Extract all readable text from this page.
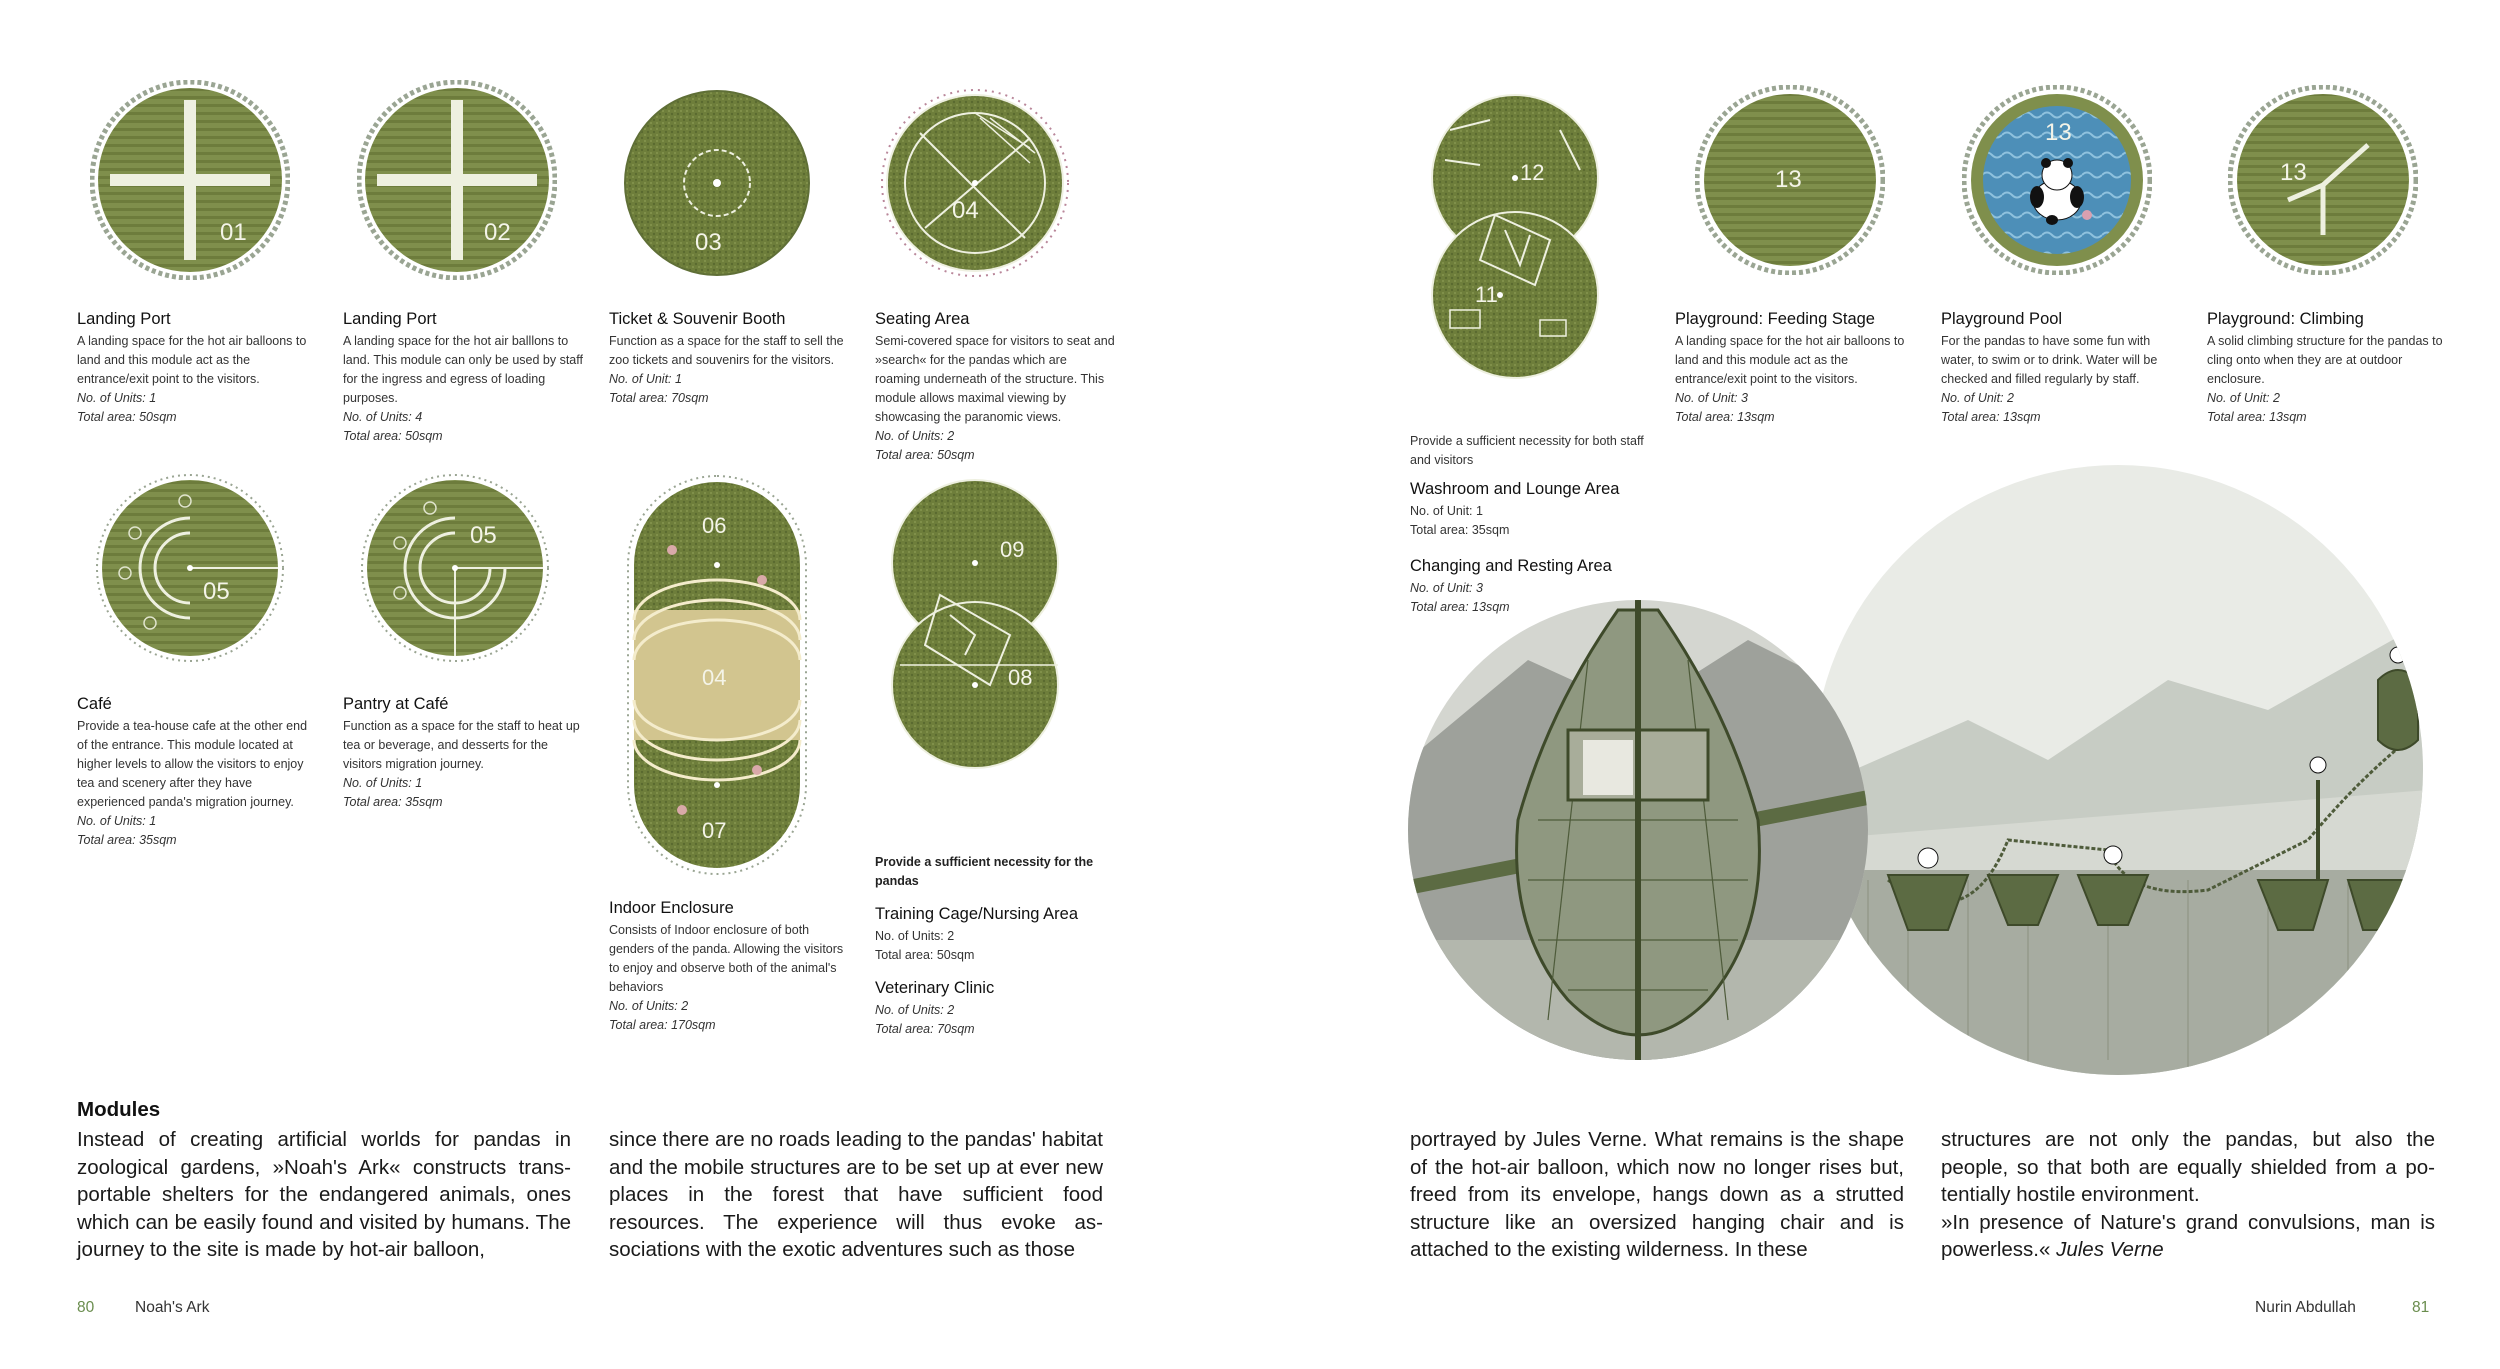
01	02	03
04

Landing Port

A landing space for the hot air balloons to land and this module act as the entrance/exit point to the visitors.

No. of Units: 1

Total area: 50sqm

Landing Port

A landing space for the hot air balllons to land. This module can only be used by staff for the ingress and egress of loading purposes.

No. of Units: 4

Total area: 50sqm

Ticket & Souvenir Booth

Function as a space for the staff to sell the zoo tickets and souvenirs for the visitors.

No. of Unit: 1

Total area: 70sqm

Seating Area

Semi-covered space for visitors to seat and »search« for the pandas which are roaming underneath of the structure. This module allows maximal viewing by showcasing the paranomic views.

No. of Units: 2

Total area: 50sqm

05
05	06
04
07
09
08

Café

Provide a tea-house cafe at the other end of the entrance. This module located at higher levels to allow the visitors to enjoy tea and scenery after they have experienced panda's migration journey.

No. of Units: 1

Total area: 35sqm

Pantry at Café

Function as a space for the staff to heat up tea or beverage, and desserts for the visitors migration journey.

No. of Units: 1

Total area: 35sqm

Indoor Enclosure

Consists of Indoor enclosure of both genders of the panda. Allowing the visitors to enjoy and observe both of the animal's behaviors

No. of Units: 2

Total area: 170sqm

Provide a sufficient necessity for the pandas

Training Cage/Nursing Area

No. of Units: 2

Total area: 50sqm

Veterinary Clinic

No. of Units: 2

Total area: 70sqm

12
11
13
13
13

Provide a sufficient necessity for both staff and visitors

Washroom and Lounge Area

No. of Unit: 1

Total area: 35sqm

Changing and Resting Area

No. of Unit: 3

Total area: 13sqm

Playground: Feeding Stage

A landing space for the hot air balloons to land and this module act as the entrance/exit point to the visitors.

No. of Unit: 3

Total area: 13sqm

Playground Pool

For the pandas to have some fun with water, to swim or to drink. Water will be checked and filled regularly by staff.

No. of Unit: 2

Total area: 13sqm

Playground: Climbing

A solid climbing structure for the pandas to cling onto when they are at outdoor enclosure.

No. of Unit: 2

Total area: 13sqm

Modules

Instead of creating artificial worlds for pandas in zoological gardens, »Noah's Ark« constructs transportable shelters for the endangered animals, ones which can be easily found and visited by humans. The journey to the site is made by hot-air balloon,

since there are no roads leading to the pandas' habitat and the mobile structures are to be set up at ever new places in the forest that have sufficient food resources. The experience will thus evoke associations with the exotic adventures such as those

portrayed by Jules Verne. What remains is the shape of the hot-air balloon, which now no longer rises but, freed from its envelope, hangs down as a strutted structure like an oversized hanging chair and is attached to the existing wilderness. In these

structures are not only the pandas, but also the people, so that both are equally shielded from a potentially hostile environment.

»In presence of Nature's grand convulsions, man is powerless.« Jules Verne

80	Noah's Ark	Nurin Abdullah	81
